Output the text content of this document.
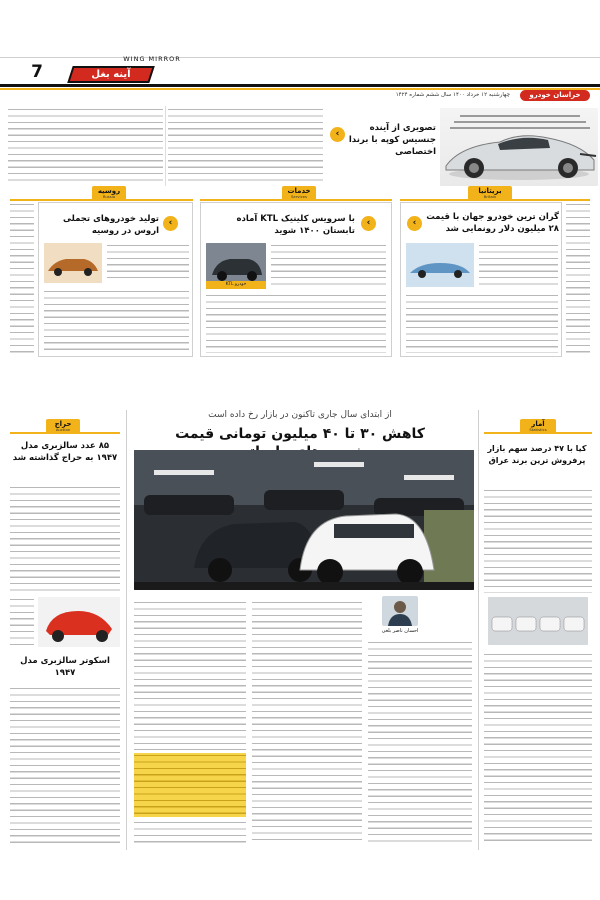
WING MIRROR
آینه بغل
7
چهارشنبه ۱۲ خرداد ۱۴۰۰ سال ششم شماره ۱۴۲۴	خراسان خودرو
﻿ ﻿ ﻿ ﻿ ﻿ ﻿ ﻿ ﻿ ﻿ ﻿ ﻿ ﻿ ﻿ ﻿ ﻿ ﻿ ﻿ ﻿ ﻿ ﻿ ﻿ ﻿ ﻿ ﻿ ﻿ ﻿ ﻿ ﻿ ﻿ ﻿ ﻿ ﻿ ﻿ ﻿ ﻿ ﻿ ﻿ ﻿ ﻿ ﻿
‹
تصویری از آینده جنسیس کوپه با برندا اختصاصی
روسیه
Russia
تولید خودروهای تجملی اروس در روسیه
‹
خدمات
Services
با سرویس کلینیک KTL آماده تابستان ۱۴۰۰ شوید
‹
خودرو KTL
بریتانیا
Britain
‹
گران ترین خودرو جهان با قیمت ۲۸ میلیون دلار رونمایی شد
حراج
Auction
۸۵ عدد سالزبری مدل ۱۹۴۷ به حراج گذاشته شد
اسکوتر سالزبری مدل ۱۹۴۷
آمار
Statistics
کیا با ۴۷ درصد سهم بازار پرفروش ترین برند عراق
از ابتدای سال جاری تاکنون در بازار رخ داده است
کاهش ۳۰ تا ۴۰ میلیون تومانی قیمت
احسان ناصر بلغی
